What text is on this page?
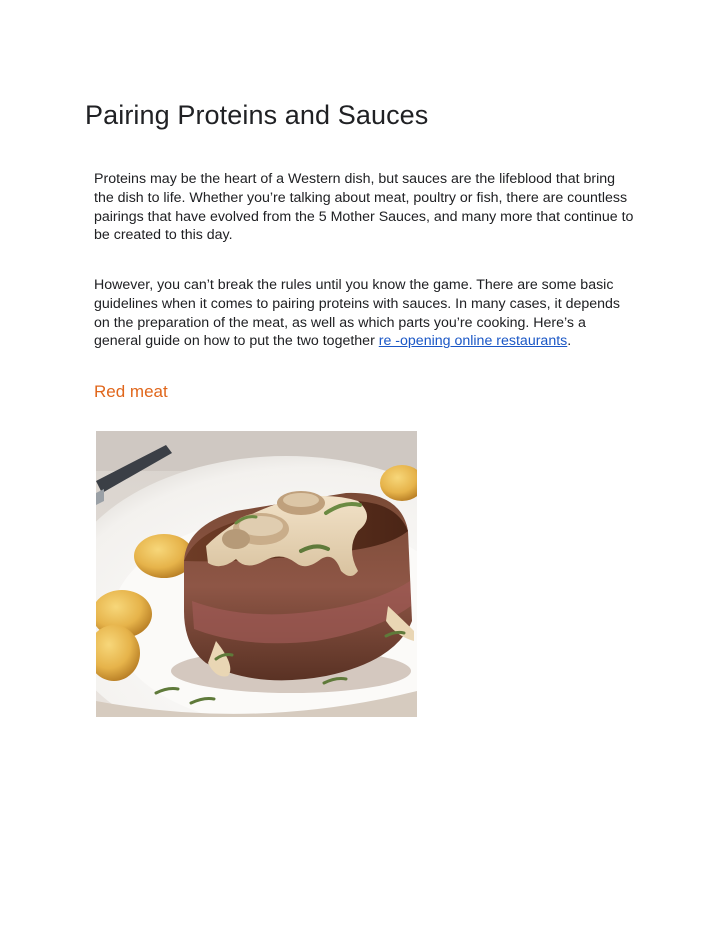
Pairing Proteins and Sauces

Proteins may be the heart of a Western dish, but sauces are the lifeblood that bring the dish to life. Whether you’re talking about meat, poultry or fish, there are countless pairings that have evolved from the 5 Mother Sauces, and many more that continue to be created to this day.

However, you can’t break the rules until you know the game. There are some basic guidelines when it comes to pairing proteins with sauces. In many cases, it depends on the preparation of the meat, as well as which parts you’re cooking. Here’s a general guide on how to put the two together re -opening online restaurants.

Red meat
